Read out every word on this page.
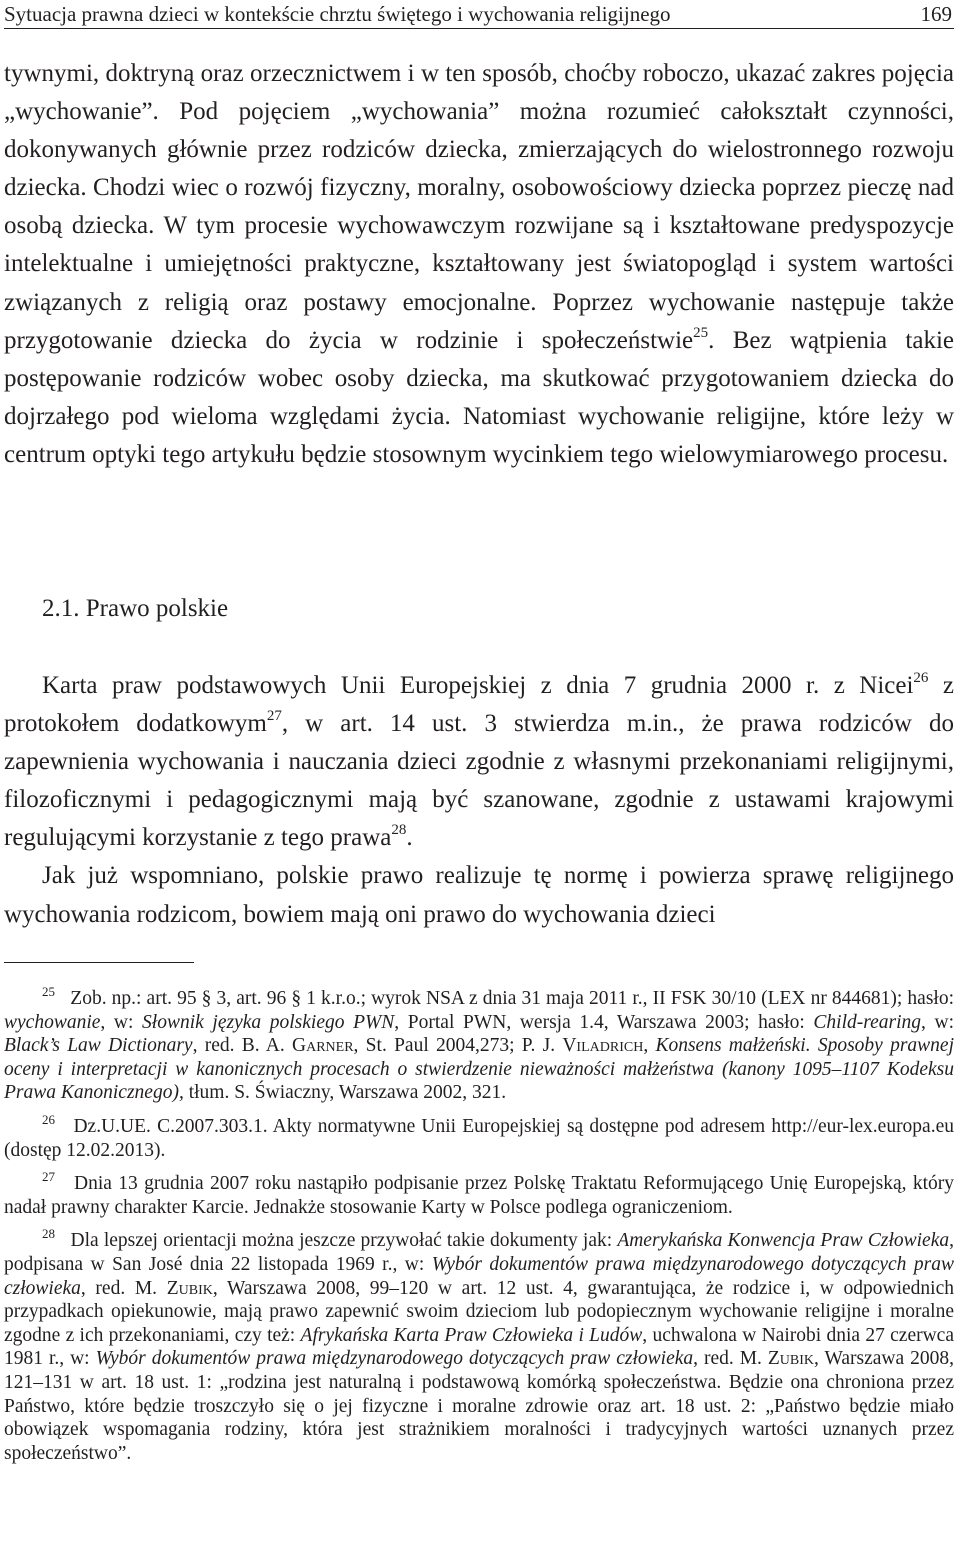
Sytuacja prawna dzieci w kontekście chrztu świętego i wychowania religijnego	169

tywnymi, doktryną oraz orzecznictwem i w ten sposób, choćby roboczo, ukazać zakres pojęcia „wychowanie”. Pod pojęciem „wychowania” można rozumieć całokształt czynności, dokonywanych głównie przez rodziców dziecka, zmierzających do wielostronnego rozwoju dziecka. Chodzi wiec o rozwój fizyczny, moralny, osobowościowy dziecka poprzez pieczę nad osobą dziecka. W tym procesie wychowawczym rozwijane są i kształtowane predyspozycje intelektualne i umiejętności praktyczne, kształtowany jest światopogląd i system wartości związanych z religią oraz postawy emocjonalne. Poprzez wychowanie następuje także przygotowanie dziecka do życia w rodzinie i społeczeństwie$^{25}$. Bez wątpienia takie postępowanie rodziców wobec osoby dziecka, ma skutkować przygotowaniem dziecka do dojrzałego pod wieloma względami życia. Natomiast wychowanie religijne, które leży w centrum optyki tego artykułu będzie stosownym wycinkiem tego wielowymiarowego procesu.

2.1. Prawo polskie

Karta praw podstawowych Unii Europejskiej z dnia 7 grudnia 2000 r. z Nicei$^{26}$ z protokołem dodatkowym$^{27}$, w art. 14 ust. 3 stwierdza m.in., że prawa rodziców do zapewnienia wychowania i nauczania dzieci zgodnie z własnymi przekonaniami religijnymi, filozoficznymi i pedagogicznymi mają być szanowane, zgodnie z ustawami krajowymi regulującymi korzystanie z tego prawa$^{28}$.

Jak już wspomniano, polskie prawo realizuje tę normę i powierza sprawę religijnego wychowania rodzicom, bowiem mają oni prawo do wychowania dzieci

$^{25}$ Zob. np.: art. 95 § 3, art. 96 § 1 k.r.o.; wyrok NSA z dnia 31 maja 2011 r., II FSK 30/10 (LEX nr 844681); hasło: wychowanie, w: Słownik języka polskiego PWN, Portal PWN, wersja 1.4, Warszawa 2003; hasło: Child-rearing, w: Black’s Law Dictionary, red. B. A. Garner, St. Paul 2004,273; P. J. Viladrich, Konsens małżeński. Sposoby prawnej oceny i interpretacji w kanonicznych procesach o stwierdzenie nieważności małżeństwa (kanony 1095–1107 Kodeksu Prawa Kanonicznego), tłum. S. Świaczny, Warszawa 2002, 321.

$^{26}$ Dz.U.UE. C.2007.303.1. Akty normatywne Unii Europejskiej są dostępne pod adresem http://eur-lex.europa.eu (dostęp 12.02.2013).

$^{27}$ Dnia 13 grudnia 2007 roku nastąpiło podpisanie przez Polskę Traktatu Reformującego Unię Europejską, który nadał prawny charakter Karcie. Jednakże stosowanie Karty w Polsce podlega ograniczeniom.

$^{28}$ Dla lepszej orientacji można jeszcze przywołać takie dokumenty jak: Amerykańska Konwencja Praw Człowieka, podpisana w San José dnia 22 listopada 1969 r., w: Wybór dokumentów prawa międzynarodowego dotyczących praw człowieka, red. M. Zubik, Warszawa 2008, 99–120 w art. 12 ust. 4, gwarantująca, że rodzice i, w odpowiednich przypadkach opiekunowie, mają prawo zapewnić swoim dzieciom lub podopiecznym wychowanie religijne i moralne zgodne z ich przekonaniami, czy też: Afrykańska Karta Praw Człowieka i Ludów, uchwalona w Nairobi dnia 27 czerwca 1981 r., w: Wybór dokumentów prawa międzynarodowego dotyczących praw człowieka, red. M. Zubik, Warszawa 2008, 121–131 w art. 18 ust. 1: „rodzina jest naturalną i podstawową komórką społeczeństwa. Będzie ona chroniona przez Państwo, które będzie troszczyło się o jej fizyczne i moralne zdrowie oraz art. 18 ust. 2: „Państwo będzie miało obowiązek wspomagania rodziny, która jest strażnikiem moralności i tradycyjnych wartości uznanych przez społeczeństwo”.
